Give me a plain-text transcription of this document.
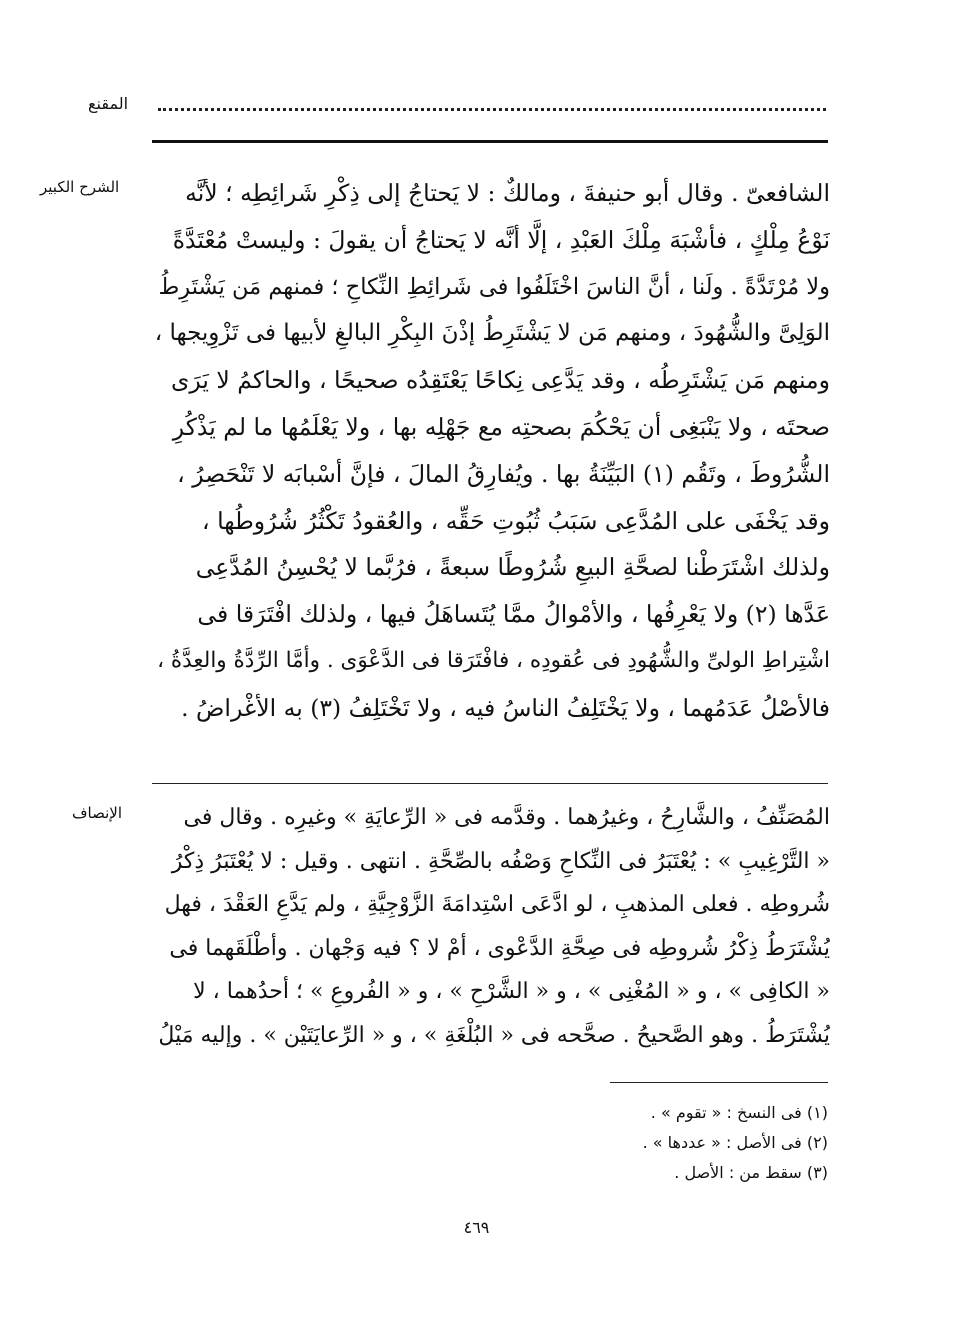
المقنع
الشرح الكبير	الشافعىّ . وقال أبو حنيفةَ ، ومالكٌ : لا يَحتاجُ إلى ذِكْرِ شَرائِطِه ؛ لأنَّه
نَوْعُ مِلْكٍ ، فأشْبَهَ مِلْكَ العَبْدِ ، إلَّا أنَّه لا يَحتاجُ أن يقولَ : وليستْ مُعْتَدَّةً
ولا مُرْتَدَّةً . ولَنا ، أنَّ الناسَ اخْتَلَفُوا فى شَرائِطِ النِّكاحِ ؛ فمنهم مَن يَشْتَرِطُ
الوَلِىَّ والشُّهُودَ ، ومنهم مَن لا يَشْتَرِطُ إذْنَ البِكْرِ البالغِ لأبيها فى تَزْوِيجها ،
ومنهم مَن يَشْتَرِطُه ، وقد يَدَّعِى نِكاحًا يَعْتَقِدُه صحيحًا ، والحاكمُ لا يَرَى
صحتَه ، ولا يَنْبَغِى أن يَحْكُمَ بصحتِه مع جَهْلِه بها ، ولا يَعْلَمُها ما لم يَذْكُرِ
الشُّرُوطَ ، وتَقُم (١) البَيِّنَةُ بها . ويُفارِقُ المالَ ، فإنَّ أسْبابَه لا تَنْحَصِرُ ،
وقد يَخْفَى على المُدَّعِى سَبَبُ ثُبُوتِ حَقِّه ، والعُقودُ تَكْثُرُ شُرُوطُها ،
ولذلك اشْتَرَطْنا لصحَّةِ البيعِ شُرُوطًا سبعةً ، فرُبَّما لا يُحْسِنُ المُدَّعِى
عَدَّها (٢) ولا يَعْرِفُها ، والأمْوالُ ممَّا يُتَساهَلُ فيها ، ولذلك افْتَرَقا فى
اشْتِراطِ الولىِّ والشُّهُودِ فى عُقودِه ، فافْتَرَقا فى الدَّعْوَى . وأمَّا الرِّدَّةُ والعِدَّةُ ،
فالأصْلُ عَدَمُهما ، ولا يَخْتَلِفُ الناسُ فيه ، ولا تَخْتَلِفُ (٣) به الأغْراضُ .
الإنصاف	المُصَنِّفُ ، والشَّارِحُ ، وغيرُهما . وقدَّمه فى « الرِّعايَةِ » وغيرِه . وقال فى
« التَّرْغِيبِ » : يُعْتَبَرُ فى النِّكاحِ وَصْفُه بالصِّحَّةِ . انتهى . وقيل : لا يُعْتَبَرُ ذِكْرُ
شُروطِه . فعلى المذهبِ ، لو ادَّعَى اسْتِدامَةَ الزَّوْجِيَّةِ ، ولم يَدَّعِ العَقْدَ ، فهل
يُشْتَرَطُ ذِكْرُ شُروطِه فى صِحَّةِ الدَّعْوى ، أمْ لا ؟ فيه وَجْهان . وأطْلَقَهما فى
« الكافِى » ، و « المُغْنِى » ، و « الشَّرْحِ » ، و « الفُروعِ » ؛ أحدُهما ، لا
يُشْتَرَطُ . وهو الصَّحيحُ . صحَّحه فى « البُلْغَةِ » ، و « الرِّعايَتَيْن » . وإليه مَيْلُ
(١) فى النسخ : « تقوم » .
(٢) فى الأصل : « عددها » .
(٣) سقط من : الأصل .
٤٦٩
